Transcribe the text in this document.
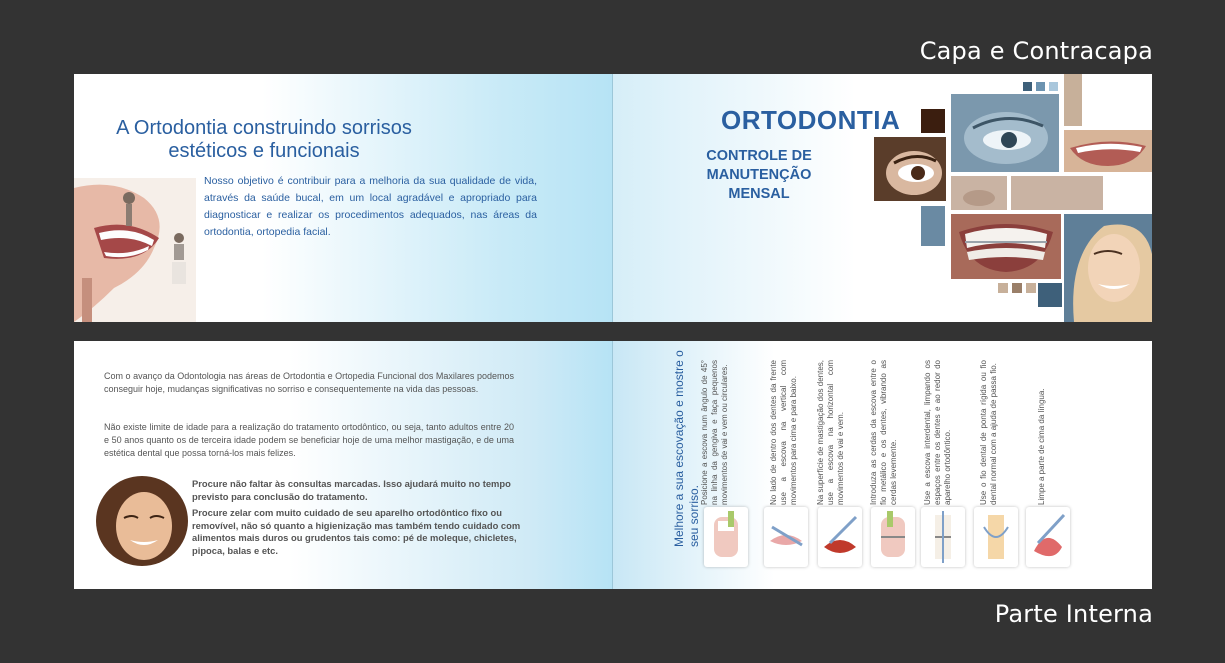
Capa e Contracapa
Parte Interna
A Ortodontia construindo sorrisos estéticos e funcionais
Nosso objetivo é contribuir para a melhoria da sua qualidade de vida, através da saúde bucal, em um local agradável e apropriado para diagnosticar e realizar os procedimentos adequados, nas áreas da ortodontia, ortopedia facial.
ORTODONTIA
CONTROLE DE MANUTENÇÃO MENSAL
Com o avanço da Odontologia nas áreas de Ortodontia e Ortopedia Funcional dos Maxilares podemos conseguir hoje, mudanças significativas no sorriso e consequentemente na vida das pessoas.
Não existe limite de idade para a realização do tratamento ortodôntico, ou seja, tanto adultos entre 20 e 50 anos quanto os de terceira idade podem se beneficiar hoje de uma melhor mastigação, e de uma estética dental que possa torná-los mais felizes.
Procure não faltar às consultas marcadas. Isso ajudará muito no tempo previsto para conclusão do tratamento.
Procure zelar com muito cuidado de seu aparelho ortodôntico fixo ou removível, não só quanto a higienização mas também tendo cuidado com alimentos mais duros ou grudentos tais como: pé de moleque, chicletes, pipoca, balas e etc.
Melhore a sua escovação e mostre o seu sorriso.
Posicione a escova num ângulo de 45° na linha da gengiva e faça pequenos movimentos de vai e vem ou circulares.	No lado de dentro dos dentes da frente use a escova na vertical com movimentos para cima e para baixo.	Na superfície de mastigação dos dentes, use a escova na horizontal com movimentos de vai e vem.	Introduza as cerdas da escova entre o fio metálico e os dentes, vibrando as cerdas levemente.	Use a escova interdental, limpando os espaços entre os dentes e ao redor do aparelho ortodôntico.	Use o fio dental de ponta rígida ou fio dental normal com a ajuda de passa fio.	Limpe a parte de cima da língua.
